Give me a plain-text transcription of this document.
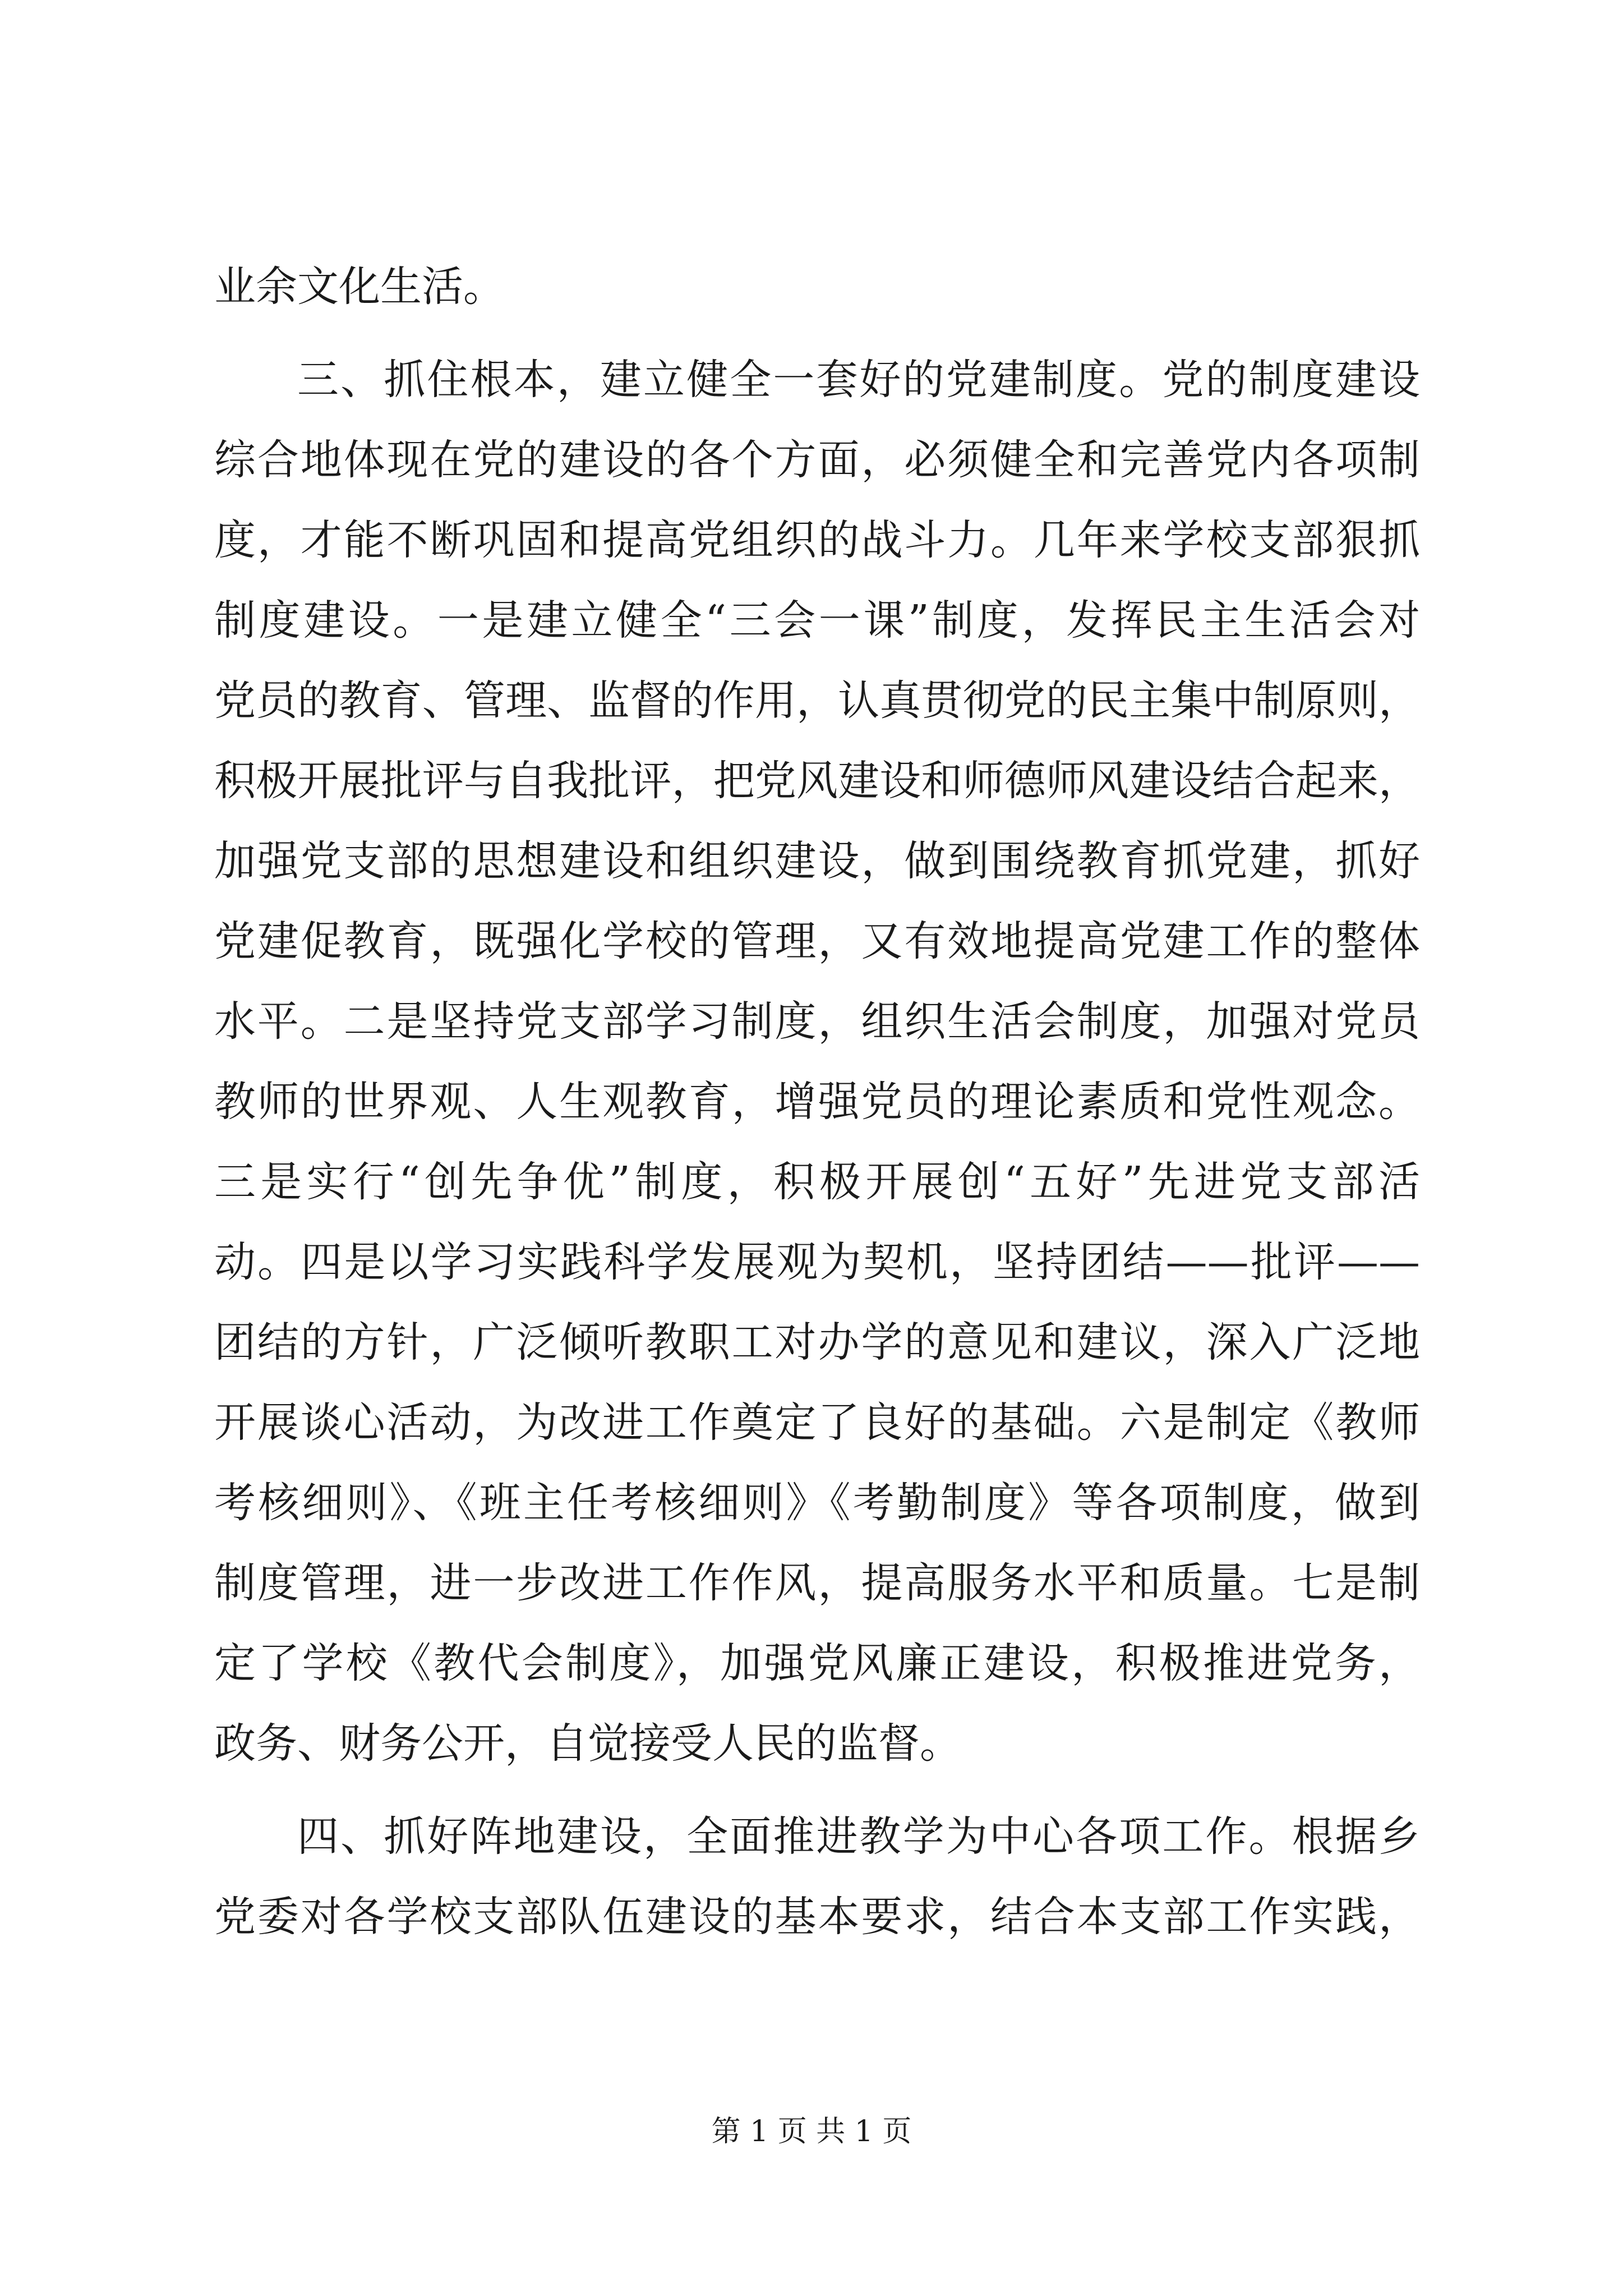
业余文化生活。
三、抓住根本，建立健全一套好的党建制度。党的制度建设
综合地体现在党的建设的各个方面，必须健全和完善党内各项制
度，才能不断巩固和提高党组织的战斗力。几年来学校支部狠抓
制度建设。一是建立健全“三会一课”制度，发挥民主生活会对
党员的教育、管理、监督的作用，认真贯彻党的民主集中制原则，
积极开展批评与自我批评，把党风建设和师德师风建设结合起来，
加强党支部的思想建设和组织建设，做到围绕教育抓党建，抓好
党建促教育，既强化学校的管理，又有效地提高党建工作的整体
水平。二是坚持党支部学习制度，组织生活会制度，加强对党员
教师的世界观、人生观教育，增强党员的理论素质和党性观念。
三是实行“创先争优”制度，积极开展创“五好”先进党支部活
动。四是以学习实践科学发展观为契机，坚持团结——批评——
团结的方针，广泛倾听教职工对办学的意见和建议，深入广泛地
开展谈心活动，为改进工作奠定了良好的基础。六是制定《教师
考核细则》、《班主任考核细则》《考勤制度》等各项制度，做到
制度管理，进一步改进工作作风，提高服务水平和质量。七是制
定了学校《教代会制度》，加强党风廉正建设，积极推进党务，
政务、财务公开，自觉接受人民的监督。
四、抓好阵地建设，全面推进教学为中心各项工作。根据乡
党委对各学校支部队伍建设的基本要求，结合本支部工作实践，
第 1 页 共 1 页
